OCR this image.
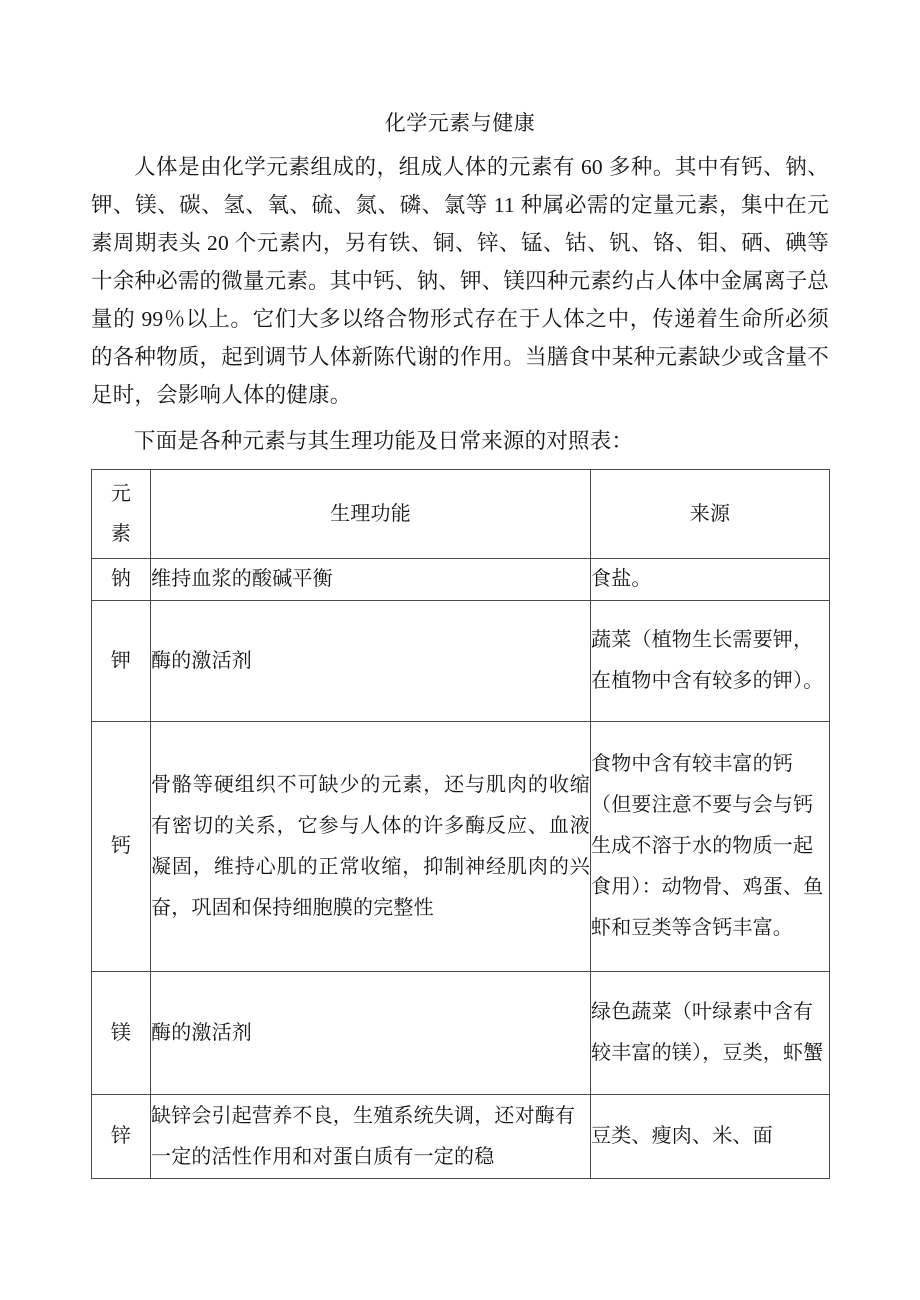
化学元素与健康

人体是由化学元素组成的，组成人体的元素有 60 多种。其中有钙、钠、钾、镁、碳、氢、氧、硫、氮、磷、氯等 11 种属必需的定量元素，集中在元素周期表头 20 个元素内，另有铁、铜、锌、锰、钴、钒、铬、钼、硒、碘等十余种必需的微量元素。其中钙、钠、钾、镁四种元素约占人体中金属离子总量的 99％以上。它们大多以络合物形式存在于人体之中，传递着生命所必须的各种物质，起到调节人体新陈代谢的作用。当膳食中某种元素缺少或含量不足时，会影响人体的健康。

下面是各种元素与其生理功能及日常来源的对照表：

元
素	生理功能	来源
钠	维持血浆的酸碱平衡	食盐。
钾	酶的激活剂	蔬菜（植物生长需要钾，在植物中含有较多的钾）。
钙	骨骼等硬组织不可缺少的元素，还与肌肉的收缩有密切的关系，它参与人体的许多酶反应、血液凝固，维持心肌的正常收缩，抑制神经肌肉的兴奋，巩固和保持细胞膜的完整性	食物中含有较丰富的钙（但要注意不要与会与钙生成不溶于水的物质一起食用）：动物骨、鸡蛋、鱼虾和豆类等含钙丰富。
镁	酶的激活剂	绿色蔬菜（叶绿素中含有较丰富的镁），豆类，虾蟹
锌	缺锌会引起营养不良，生殖系统失调，还对酶有一定的活性作用和对蛋白质有一定的稳	豆类、瘦肉、米、面
